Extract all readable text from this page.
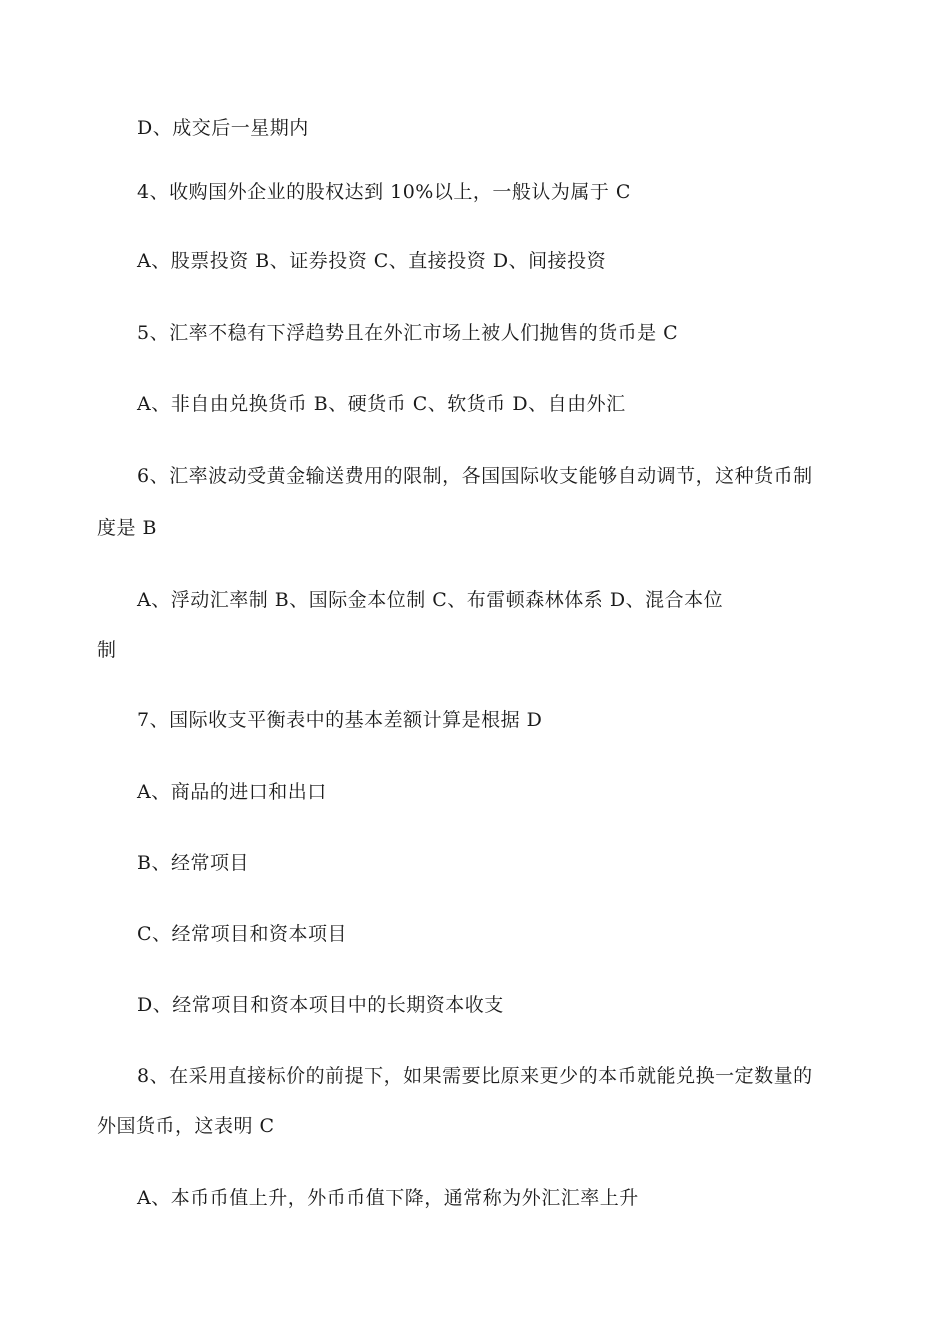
D、成交后一星期内
4、收购国外企业的股权达到 10%以上，一般认为属于 C
A、股票投资 B、证券投资 C、直接投资 D、间接投资
5、汇率不稳有下浮趋势且在外汇市场上被人们抛售的货币是 C
A、非自由兑换货币 B、硬货币 C、软货币 D、自由外汇
6、汇率波动受黄金输送费用的限制，各国国际收支能够自动调节，这种货币制
度是 B
A、浮动汇率制 B、国际金本位制 C、布雷顿森林体系 D、混合本位
制
7、国际收支平衡表中的基本差额计算是根据 D
A、商品的进口和出口
B、经常项目
C、经常项目和资本项目
D、经常项目和资本项目中的长期资本收支
8、在采用直接标价的前提下，如果需要比原来更少的本币就能兑换一定数量的
外国货币，这表明 C
A、本币币值上升，外币币值下降，通常称为外汇汇率上升
